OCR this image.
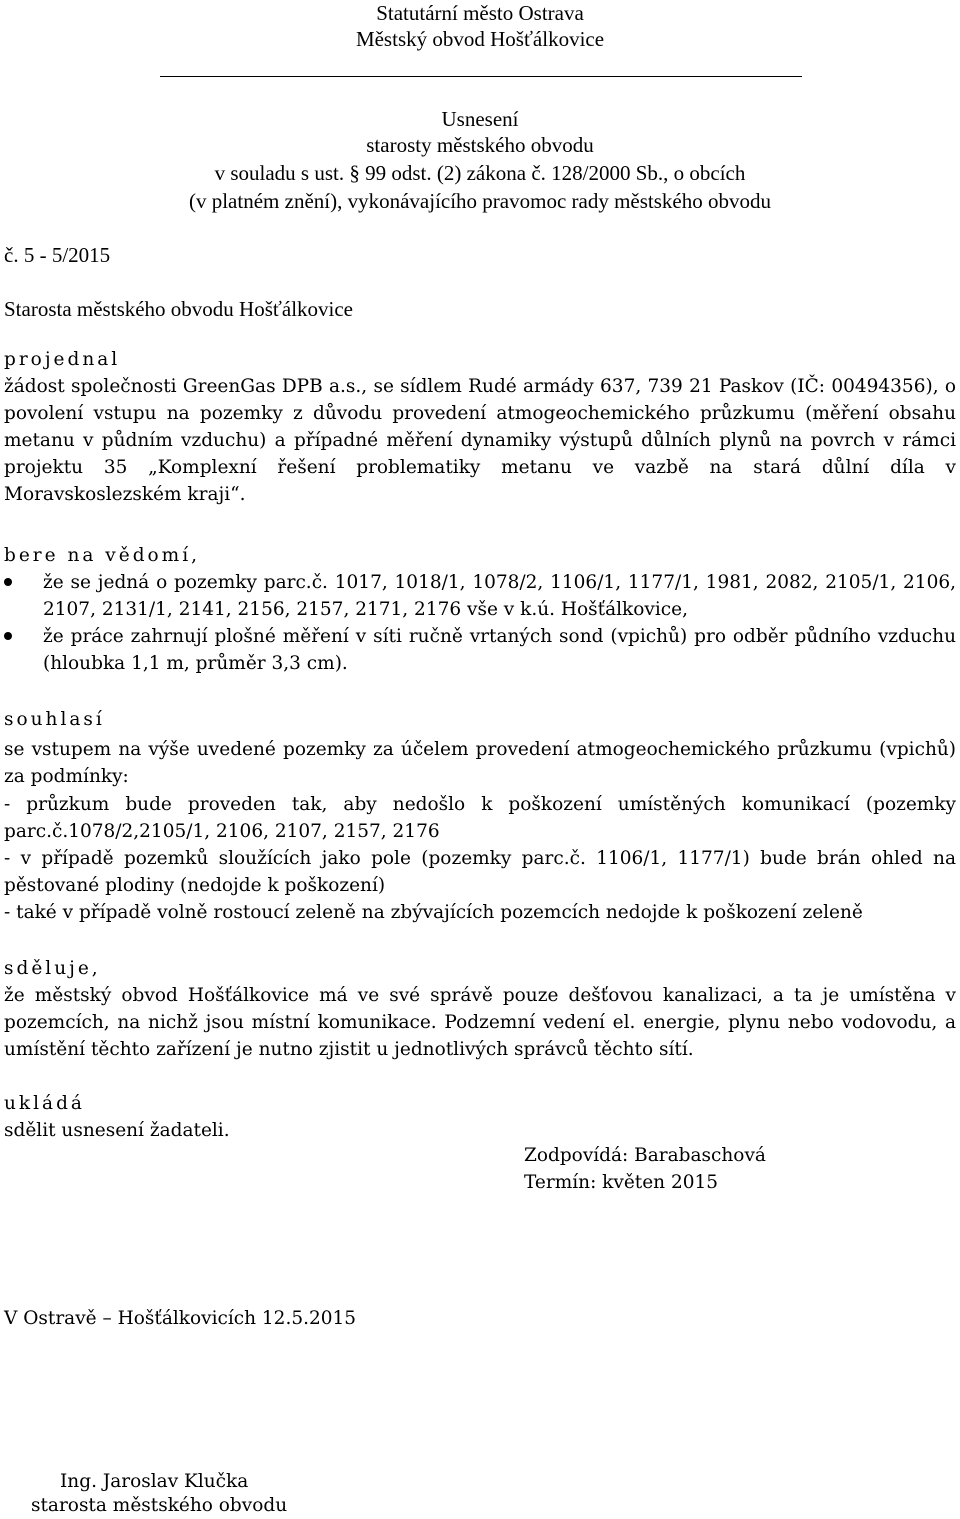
Statutární město Ostrava
Městský obvod Hošťálkovice
Usnesení
starosty městského obvodu
v souladu s ust. § 99 odst. (2) zákona č. 128/2000 Sb., o obcích
(v platném znění), vykonávajícího pravomoc rady městského obvodu
č. 5 - 5/2015
Starosta městského obvodu Hošťálkovice
projednal

žádost společnosti GreenGas DPB a.s., se sídlem Rudé armády 637, 739 21 Paskov (IČ: 00494356), o povolení vstupu na pozemky z důvodu provedení atmogeochemického průzkumu (měření obsahu metanu v půdním vzduchu) a případné měření dynamiky výstupů důlních plynů na povrch v rámci projektu 35 „Komplexní řešení problematiky metanu ve vazbě na stará důlní díla v Moravskoslezském kraji“.

bere na vědomí,
že se jedná o pozemky parc.č. 1017, 1018/1, 1078/2, 1106/1, 1177/1, 1981, 2082, 2105/1, 2106, 2107, 2131/1, 2141, 2156, 2157, 2171, 2176 vše v k.ú. Hošťálkovice,
že práce zahrnují plošné měření v síti ručně vrtaných sond (vpichů) pro odběr půdního vzduchu (hloubka 1,1 m, průměr 3,3 cm).
souhlasí

se vstupem na výše uvedené pozemky za účelem provedení atmogeochemického průzkumu (vpichů) za podmínky:

- průzkum bude proveden tak, aby nedošlo k poškození umístěných komunikací (pozemky parc.č.1078/2,2105/1, 2106, 2107, 2157, 2176

- v případě pozemků sloužících jako pole (pozemky parc.č. 1106/1, 1177/1) bude brán ohled na pěstované plodiny (nedojde k poškození)

- také v případě volně rostoucí zeleně na zbývajících pozemcích nedojde k poškození zeleně

sděluje,

že městský obvod Hošťálkovice má ve své správě pouze dešťovou kanalizaci, a ta je umístěna v pozemcích, na nichž jsou místní komunikace. Podzemní vedení el. energie, plynu nebo vodovodu, a umístění těchto zařízení je nutno zjistit u jednotlivých správců těchto sítí.

ukládá
sdělit usnesení žadateli.
Zodpovídá: Barabaschová
Termín: květen 2015
V Ostravě – Hošťálkovicích 12.5.2015
Ing. Jaroslav Klučka
starosta městského obvodu
